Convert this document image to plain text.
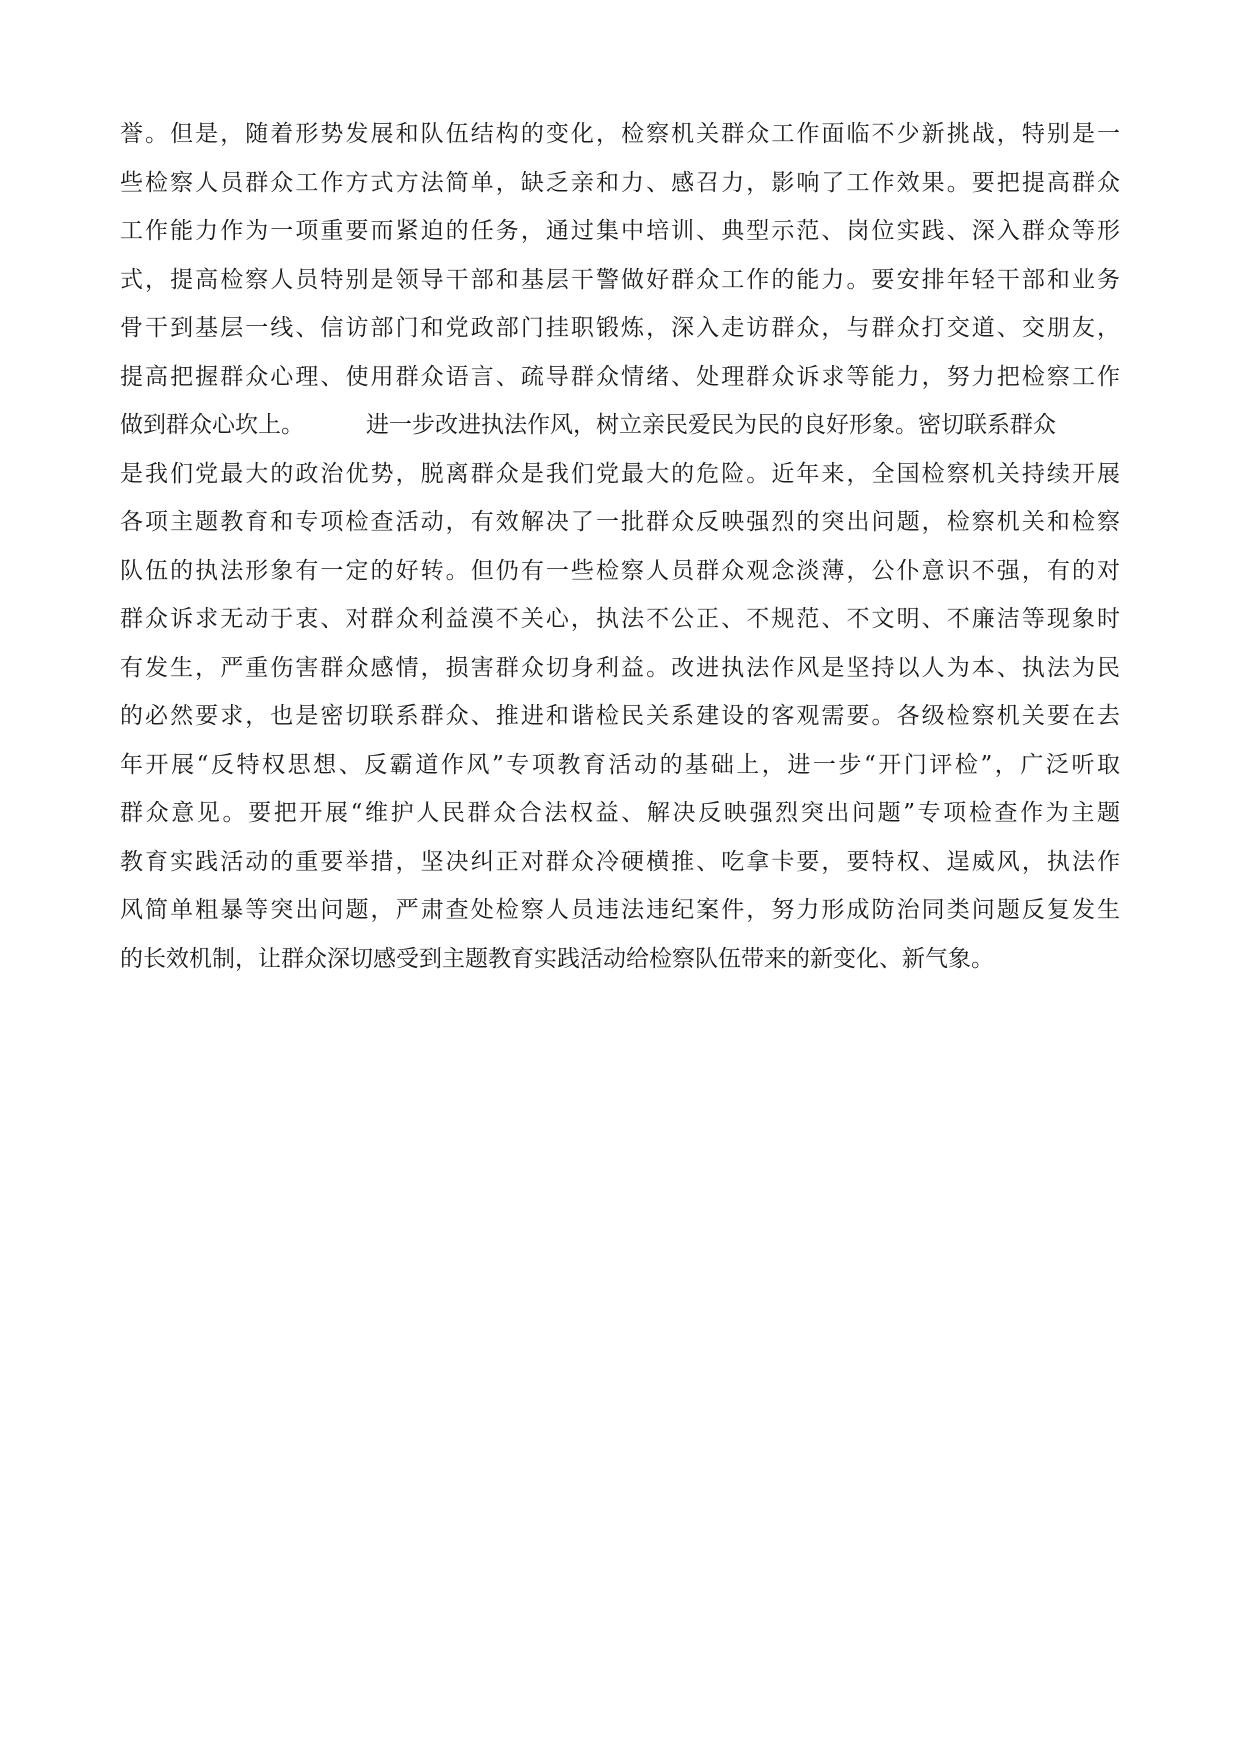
誉。但是，随着形势发展和队伍结构的变化，检察机关群众工作面临不少新挑战，特别是一
些检察人员群众工作方式方法简单，缺乏亲和力、感召力，影响了工作效果。要把提高群众
工作能力作为一项重要而紧迫的任务，通过集中培训、典型示范、岗位实践、深入群众等形
式，提高检察人员特别是领导干部和基层干警做好群众工作的能力。要安排年轻干部和业务
骨干到基层一线、信访部门和党政部门挂职锻炼，深入走访群众，与群众打交道、交朋友，
提高把握群众心理、使用群众语言、疏导群众情绪、处理群众诉求等能力，努力把检察工作
做到群众心坎上。	进一步改进执法作风，树立亲民爱民为民的良好形象。密切联系群众
是我们党最大的政治优势，脱离群众是我们党最大的危险。近年来，全国检察机关持续开展
各项主题教育和专项检查活动，有效解决了一批群众反映强烈的突出问题，检察机关和检察
队伍的执法形象有一定的好转。但仍有一些检察人员群众观念淡薄，公仆意识不强，有的对
群众诉求无动于衷、对群众利益漠不关心，执法不公正、不规范、不文明、不廉洁等现象时
有发生，严重伤害群众感情，损害群众切身利益。改进执法作风是坚持以人为本、执法为民
的必然要求，也是密切联系群众、推进和谐检民关系建设的客观需要。各级检察机关要在去
年开展“反特权思想、反霸道作风”专项教育活动的基础上，进一步“开门评检”，广泛听取
群众意见。要把开展“维护人民群众合法权益、解决反映强烈突出问题”专项检查作为主题
教育实践活动的重要举措，坚决纠正对群众冷硬横推、吃拿卡要，要特权、逞威风，执法作
风简单粗暴等突出问题，严肃查处检察人员违法违纪案件，努力形成防治同类问题反复发生
的长效机制，让群众深切感受到主题教育实践活动给检察队伍带来的新变化、新气象。
